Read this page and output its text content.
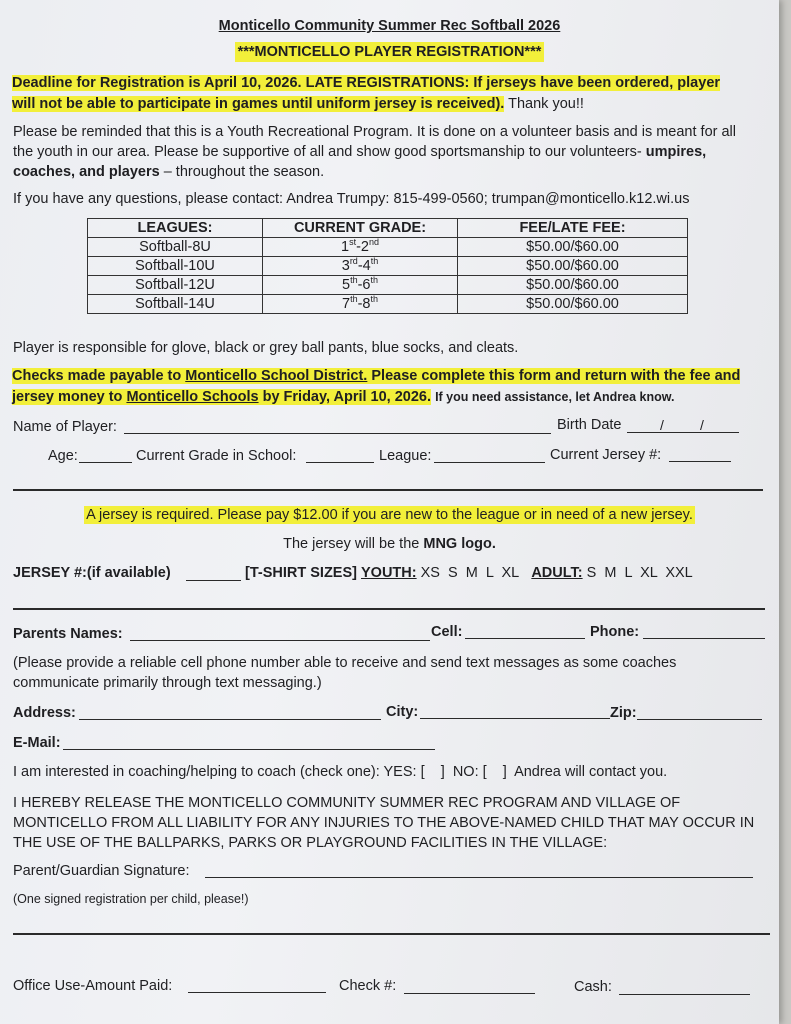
Monticello Community Summer Rec Softball 2026
***MONTICELLO PLAYER REGISTRATION***
Deadline for Registration is April 10, 2026. LATE REGISTRATIONS: If jerseys have been ordered, player will not be able to participate in games until uniform jersey is received). Thank you!!
Please be reminded that this is a Youth Recreational Program. It is done on a volunteer basis and is meant for all the youth in our area. Please be supportive of all and show good sportsmanship to our volunteers- umpires, coaches, and players – throughout the season.
If you have any questions, please contact: Andrea Trumpy: 815-499-0560; trumpan@monticello.k12.wi.us
LEAGUES:	CURRENT GRADE:	FEE/LATE FEE:
Softball-8U	1st-2nd	$50.00/$60.00
Softball-10U	3rd-4th	$50.00/$60.00
Softball-12U	5th-6th	$50.00/$60.00
Softball-14U	7th-8th	$50.00/$60.00
Player is responsible for glove, black or grey ball pants, blue socks, and cleats.
Checks made payable to Monticello School District. Please complete this form and return with the fee and jersey money to Monticello Schools by Friday, April 10, 2026. If you need assistance, let Andrea know.
Name of Player:	Birth Date	/	/
Age:	Current Grade in School:	League:	Current Jersey #:
A jersey is required. Please pay $12.00 if you are new to the league or in need of a new jersey.
The jersey will be the MNG logo.
JERSEY #:(if available)	[T-SHIRT SIZES] YOUTH: XS  S  M  L  XL ADULT: S  M  L  XL  XXL
Parents Names:	Cell:	Phone:
(Please provide a reliable cell phone number able to receive and send text messages as some coaches communicate primarily through text messaging.)
Address:	City:	Zip:
E-Mail:
I am interested in coaching/helping to coach (check one): YES: [ ]  NO: [ ]  Andrea will contact you.
I HEREBY RELEASE THE MONTICELLO COMMUNITY SUMMER REC PROGRAM AND VILLAGE OF MONTICELLO FROM ALL LIABILITY FOR ANY INJURIES TO THE ABOVE-NAMED CHILD THAT MAY OCCUR IN THE USE OF THE BALLPARKS, PARKS OR PLAYGROUND FACILITIES IN THE VILLAGE:
Parent/Guardian Signature:
(One signed registration per child, please!)
Office Use-Amount Paid:	Check #:	Cash:
